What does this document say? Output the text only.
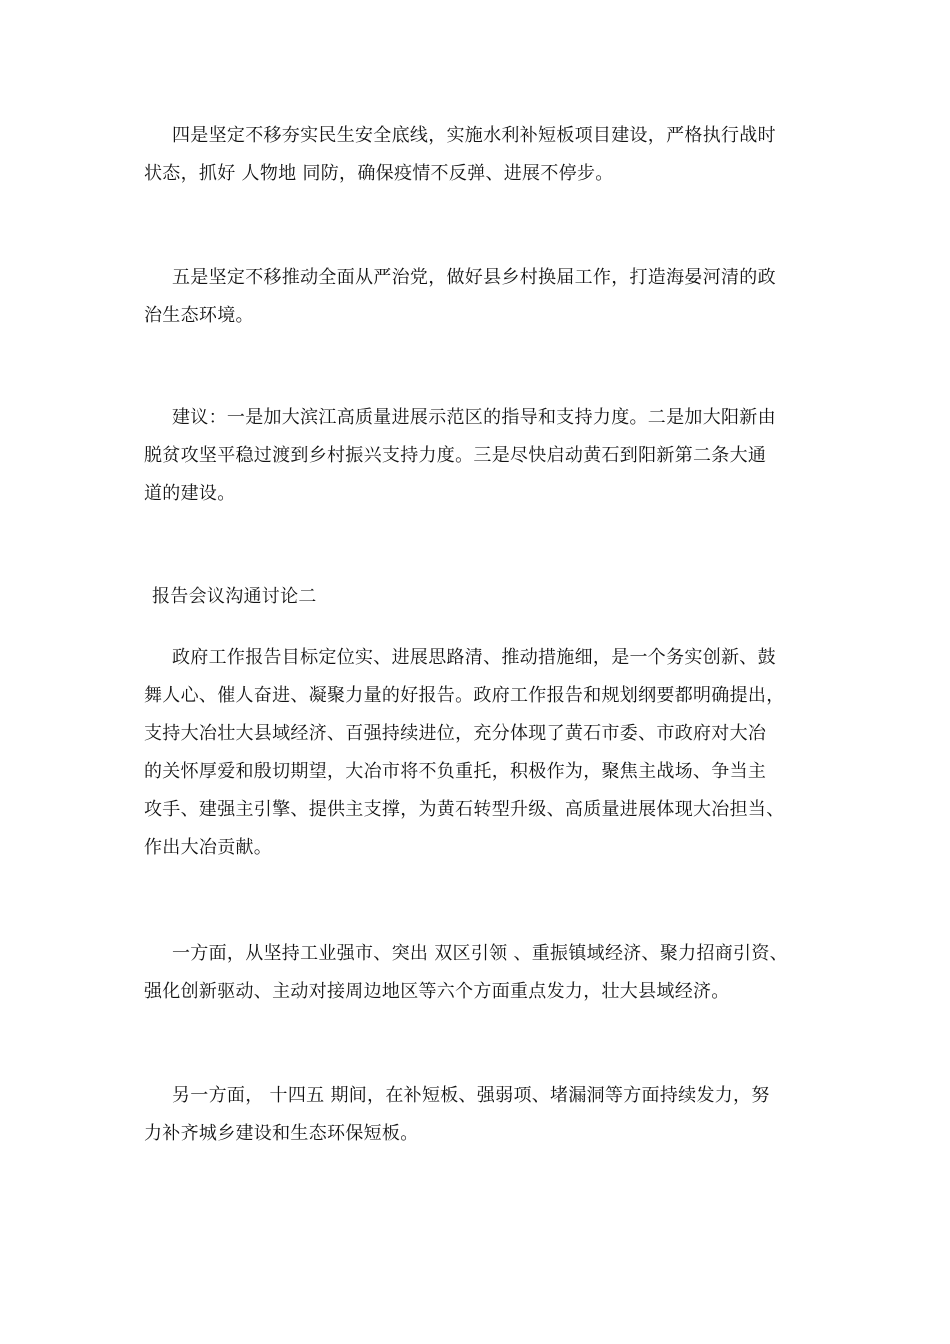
四是坚定不移夯实民生安全底线，实施水利补短板项目建设，严格执行战时
状态，抓好 人物地 同防，确保疫情不反弹、进展不停步。
五是坚定不移推动全面从严治党，做好县乡村换届工作，打造海晏河清的政
治生态环境。
建议：一是加大滨江高质量进展示范区的指导和支持力度。二是加大阳新由
脱贫攻坚平稳过渡到乡村振兴支持力度。三是尽快启动黄石到阳新第二条大通
道的建设。
报告会议沟通讨论二
政府工作报告目标定位实、进展思路清、推动措施细，是一个务实创新、鼓
舞人心、催人奋进、凝聚力量的好报告。政府工作报告和规划纲要都明确提出，
支持大冶壮大县域经济、百强持续进位，充分体现了黄石市委、市政府对大冶
的关怀厚爱和殷切期望，大冶市将不负重托，积极作为，聚焦主战场、争当主
攻手、建强主引擎、提供主支撑，为黄石转型升级、高质量进展体现大冶担当、
作出大冶贡献。
一方面，从坚持工业强市、突出 双区引领 、重振镇域经济、聚力招商引资、
强化创新驱动、主动对接周边地区等六个方面重点发力，壮大县域经济。
另一方面， 十四五 期间，在补短板、强弱项、堵漏洞等方面持续发力，努
力补齐城乡建设和生态环保短板。
